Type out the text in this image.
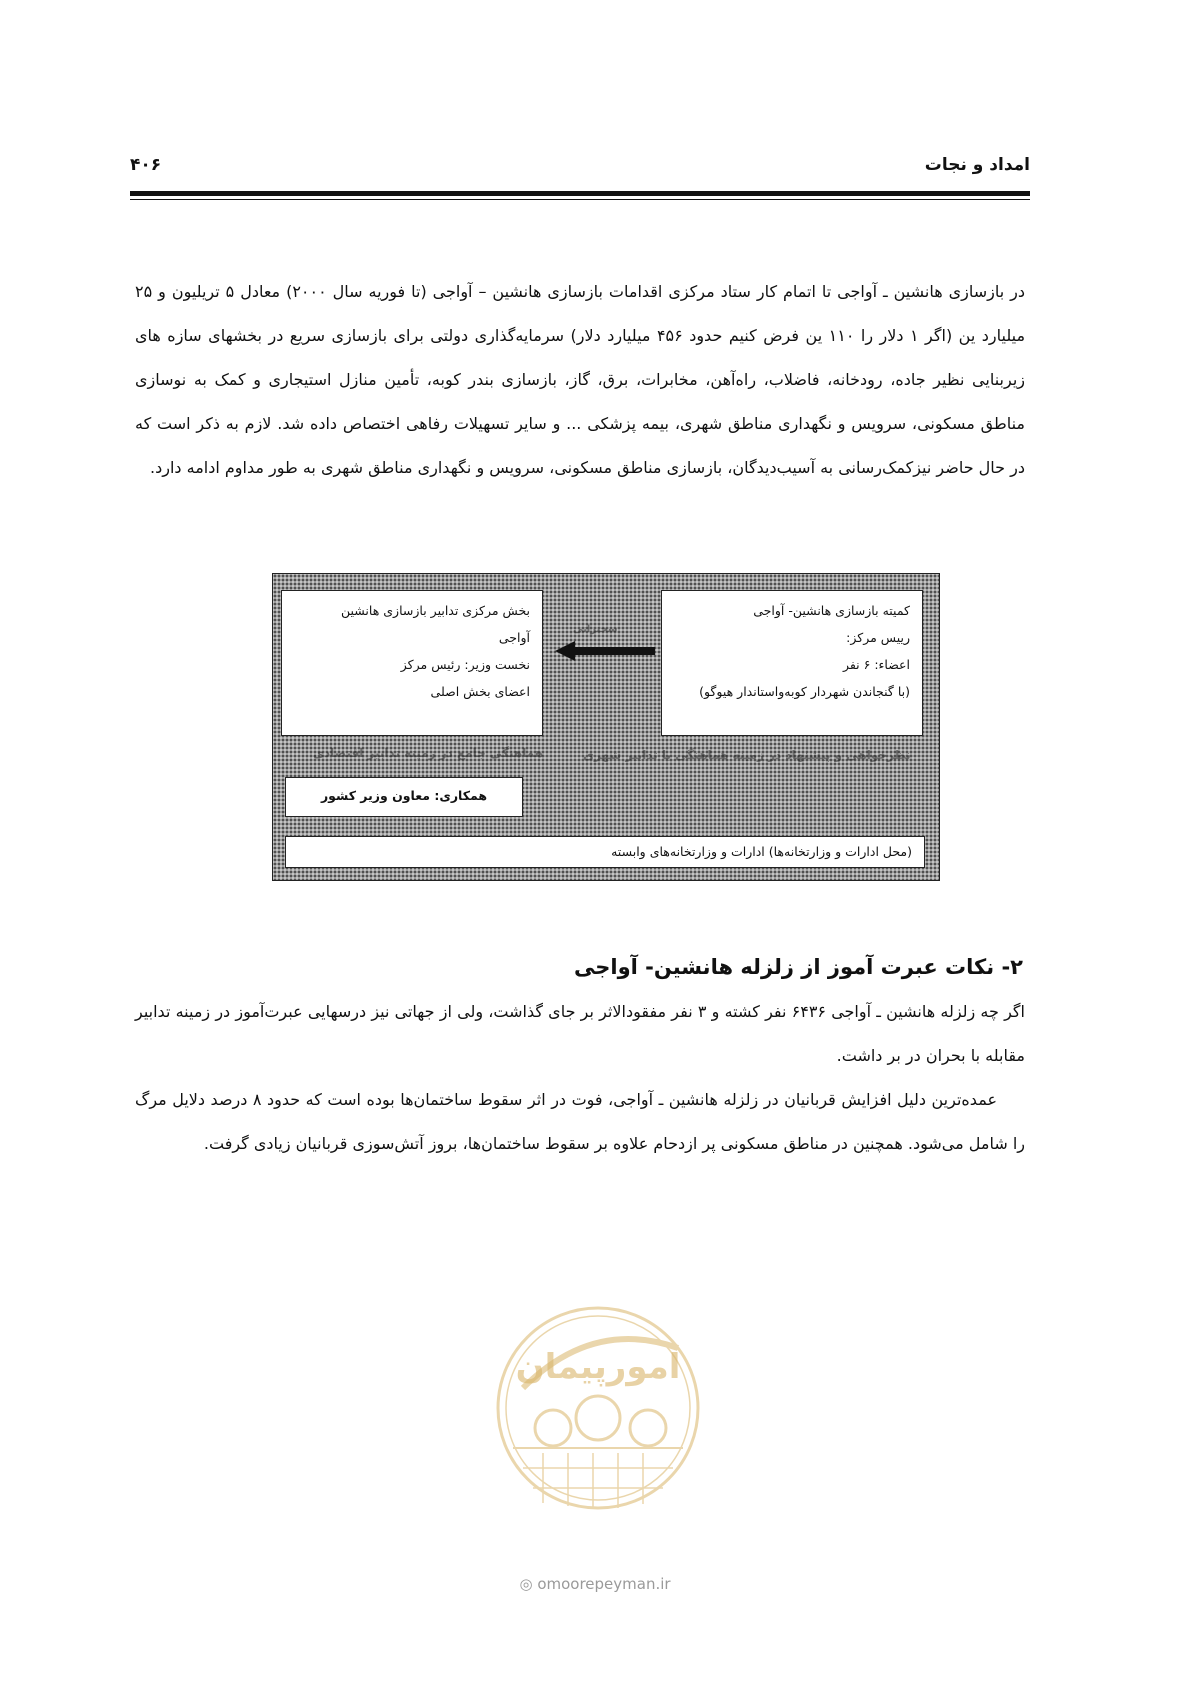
امداد و نجات
۴۰۶

در بازسازی هانشین ـ آواجی تا اتمام کار ستاد مرکزی اقدامات بازسازی هانشین – آواجی (تا فوریه سال ۲۰۰۰) معادل ۵ تریلیون و ۲۵ میلیارد ین (اگر ۱ دلار را ۱۱۰ ین فرض کنیم حدود ۴۵۶ میلیارد دلار) سرمایه‌گذاری دولتی برای بازسازی سریع در بخشهای سازه های زیربنایی نظیر جاده، رودخانه، فاضلاب، راه‌آهن، مخابرات، برق، گاز، بازسازی بندر کوبه، تأمین منازل استیجاری و کمک به نوسازی مناطق مسکونی، سرویس و نگهداری مناطق شهری، بیمه پزشکی ... و سایر تسهیلات رفاهی اختصاص داده شد. لازم به ذکر است که در حال حاضر نیزکمک‌رسانی به آسیب‌دیدگان، بازسازی مناطق مسکونی، سرویس و نگهداری مناطق شهری به طور مداوم ادامه دارد.

کمیته بازسازی هانشین- آواجی

رییس مرکز:

اعضاء: ۶ نفر

(با گنجاندن شهردار کوبه‌واستاندار هیوگو)

سخنرانی

بخش مرکزی تدابیر بازسازی هانشین

آواجی

نخست وزیر: رئیس مرکز

اعضای بخش اصلی

نظرخواهی و پیشنهاد در زمینه هماهنگی با تدابیر شهری
هماهنگی جامع در زمینه تدابیر اقتصادی
همکاری: معاون وزیر کشور
(محل ادارات و وزارتخانه‌ها) ادارات و وزارتخانه‌های وابسته
۲- نکات عبرت آموز از زلزله هانشین- آواجی

اگر چه زلزله هانشین ـ آواجی ۶۴۳۶ نفر کشته و ۳ نفر مفقودالاثر بر جای گذاشت، ولی از جهاتی نیز درسهایی عبرت‌آموز در زمینه تدابیر مقابله با بحران در بر داشت.

عمده‌ترین دلیل افزایش قربانیان در زلزله هانشین ـ آواجی، فوت در اثر سقوط ساختمان‌ها بوده است که حدود ۸ درصد دلایل مرگ را شامل می‌شود. همچنین در مناطق مسکونی پر ازدحام علاوه بر سقوط ساختمان‌ها، بروز آتش‌سوزی قربانیان زیادی گرفت.

امورپیمان
◎ omoorepeyman.ir
